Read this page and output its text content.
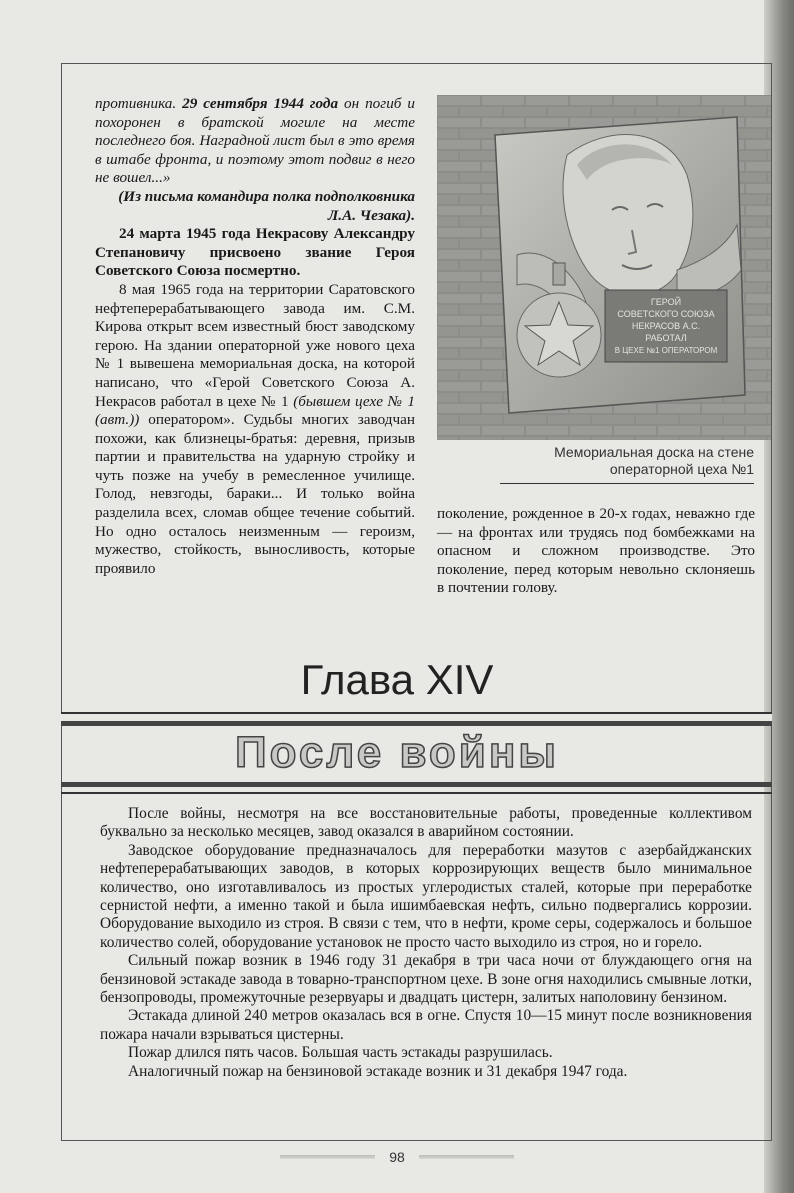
противника. 29 сентября 1944 года он погиб и похоронен в братской могиле на месте последнего боя. Наградной лист был в это время в штабе фронта, и поэтому этот подвиг в него не вошел...»

(Из письма командира полка подполковника Л.А. Чезака).

24 марта 1945 года Некрасову Александру Степановичу присвоено звание Героя Советского Союза посмертно.

8 мая 1965 года на территории Саратовского нефтеперерабатывающего завода им. С.М. Кирова открыт всем известный бюст заводскому герою. На здании операторной уже нового цеха № 1 вывешена мемориальная доска, на которой написано, что «Герой Советского Союза А. Некрасов работал в цехе № 1 (бывшем цехе № 1 (авт.)) оператором». Судьбы многих заводчан похожи, как близнецы-братья: деревня, призыв партии и правительства на ударную стройку и чуть позже на учебу в ремесленное училище. Голод, невзгоды, бараки... И только война разделила всех, сломав общее течение событий. Но одно осталось неизменным — героизм, мужество, стойкость, выносливость, которые проявило

ГЕРОЙ
СОВЕТСКОГО СОЮЗА
НЕКРАСОВ А.С.
РАБОТАЛ
В ЦЕХЕ №1 ОПЕРАТОРОМ
Мемориальная доска на стене
операторной цеха №1

поколение, рожденное в 20-х годах, неважно где — на фронтах или трудясь под бомбежками на опасном и сложном производстве. Это поколение, перед которым невольно склоняешь в почтении голову.

Глава XIV
После войны

После войны, несмотря на все восстановительные работы, проведенные коллективом буквально за несколько месяцев, завод оказался в аварийном состоянии.

Заводское оборудование предназначалось для переработки мазутов с азербайджанских нефтеперерабатывающих заводов, в которых коррозирующих веществ было минимальное количество, оно изготавливалось из простых углеродистых сталей, которые при переработке сернистой нефти, а именно такой и была ишимбаевская нефть, сильно подвергались коррозии. Оборудование выходило из строя. В связи с тем, что в нефти, кроме серы, содержалось и большое количество солей, оборудование установок не просто часто выходило из строя, но и горело.

Сильный пожар возник в 1946 году 31 декабря в три часа ночи от блуждающего огня на бензиновой эстакаде завода в товарно-транспортном цехе. В зоне огня находились смывные лотки, бензопроводы, промежуточные резервуары и двадцать цистерн, залитых наполовину бензином.

Эстакада длиной 240 метров оказалась вся в огне. Спустя 10—15 минут после возникновения пожара начали взрываться цистерны.

Пожар длился пять часов. Большая часть эстакады разрушилась.

Аналогичный пожар на бензиновой эстакаде возник и 31 декабря 1947 года.

98
